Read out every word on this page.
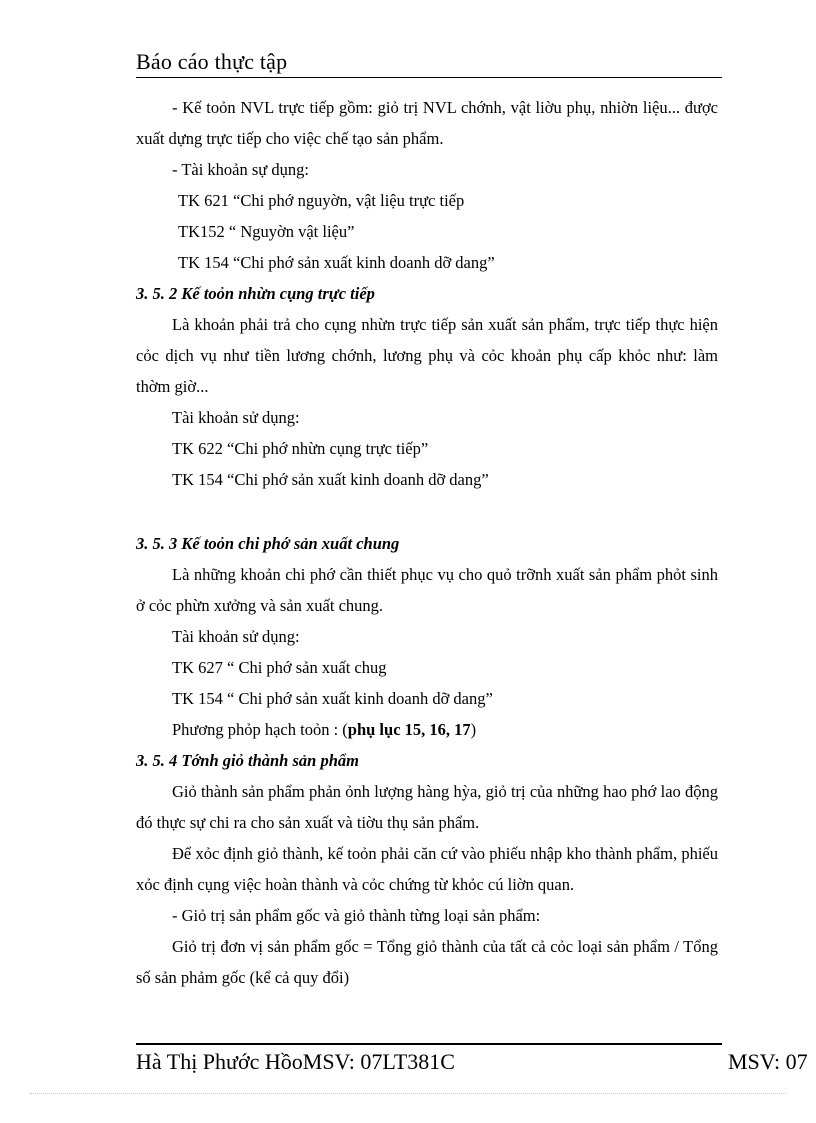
Báo cáo thực tập

- Kế toỏn NVL trực tiếp gồm: giỏ trị NVL chớnh, vật liờu phụ, nhiờn liệu... được xuất dựng trực tiếp cho việc chế tạo sản phẩm.

- Tài khoản sự dụng:

TK 621 “Chi phớ nguyờn, vật liệu trực tiếp

TK152 “ Nguyờn vật liệu”

TK 154 “Chi phớ sản xuất kinh doanh dỡ dang”

3. 5. 2 Kế toỏn nhừn cụng trực tiếp

Là khoản phải trả cho cụng nhừn trực tiếp sản xuất sản phẩm, trực tiếp thực hiện cỏc dịch vụ như tiền lương chớnh, lương phụ và cỏc khoản phụ cấp khỏc như: làm thờm giờ...

Tài khoản sử dụng:

TK 622 “Chi phớ nhừn cụng trực tiếp”

TK 154 “Chi phớ sản xuất kinh doanh dỡ dang”

3. 5. 3 Kế toỏn chi phớ sản xuất chung

Là những khoản chi phớ cần thiết phục vụ cho quỏ trỡnh xuất sản phẩm phỏt sinh ở cỏc phừn xưởng và sản xuất chung.

Tài khoản sử dụng:

TK 627 “ Chi phớ sản xuất chug

TK 154 “ Chi phớ sản xuất kinh doanh dỡ dang”

Phương phỏp hạch toỏn : (phụ lục 15, 16, 17)

3. 5. 4 Tớnh giỏ thành sản phẩm

Giỏ thành sản phẩm phản ỏnh lượng hàng hỳa, giỏ trị của những hao phớ lao động đó thực sự chi ra cho sản xuất và tiờu thụ sản phẩm.

Để xỏc định giỏ thành, kế toỏn phải căn cứ vào phiếu nhập kho thành phẩm, phiếu xỏc định cụng việc hoàn thành và cỏc chứng từ khỏc cú liờn quan.

- Giỏ trị sản phẩm gốc và giỏ thành từng loại sản phẩm:

Giỏ trị đơn vị sản phẩm gốc = Tổng giỏ thành của tất cả cỏc loại sản phẩm / Tổng số sản phảm gốc (kể cả quy đổi)

Hà Thị Phước HồoMSV: 07LT381C	MSV: 07
